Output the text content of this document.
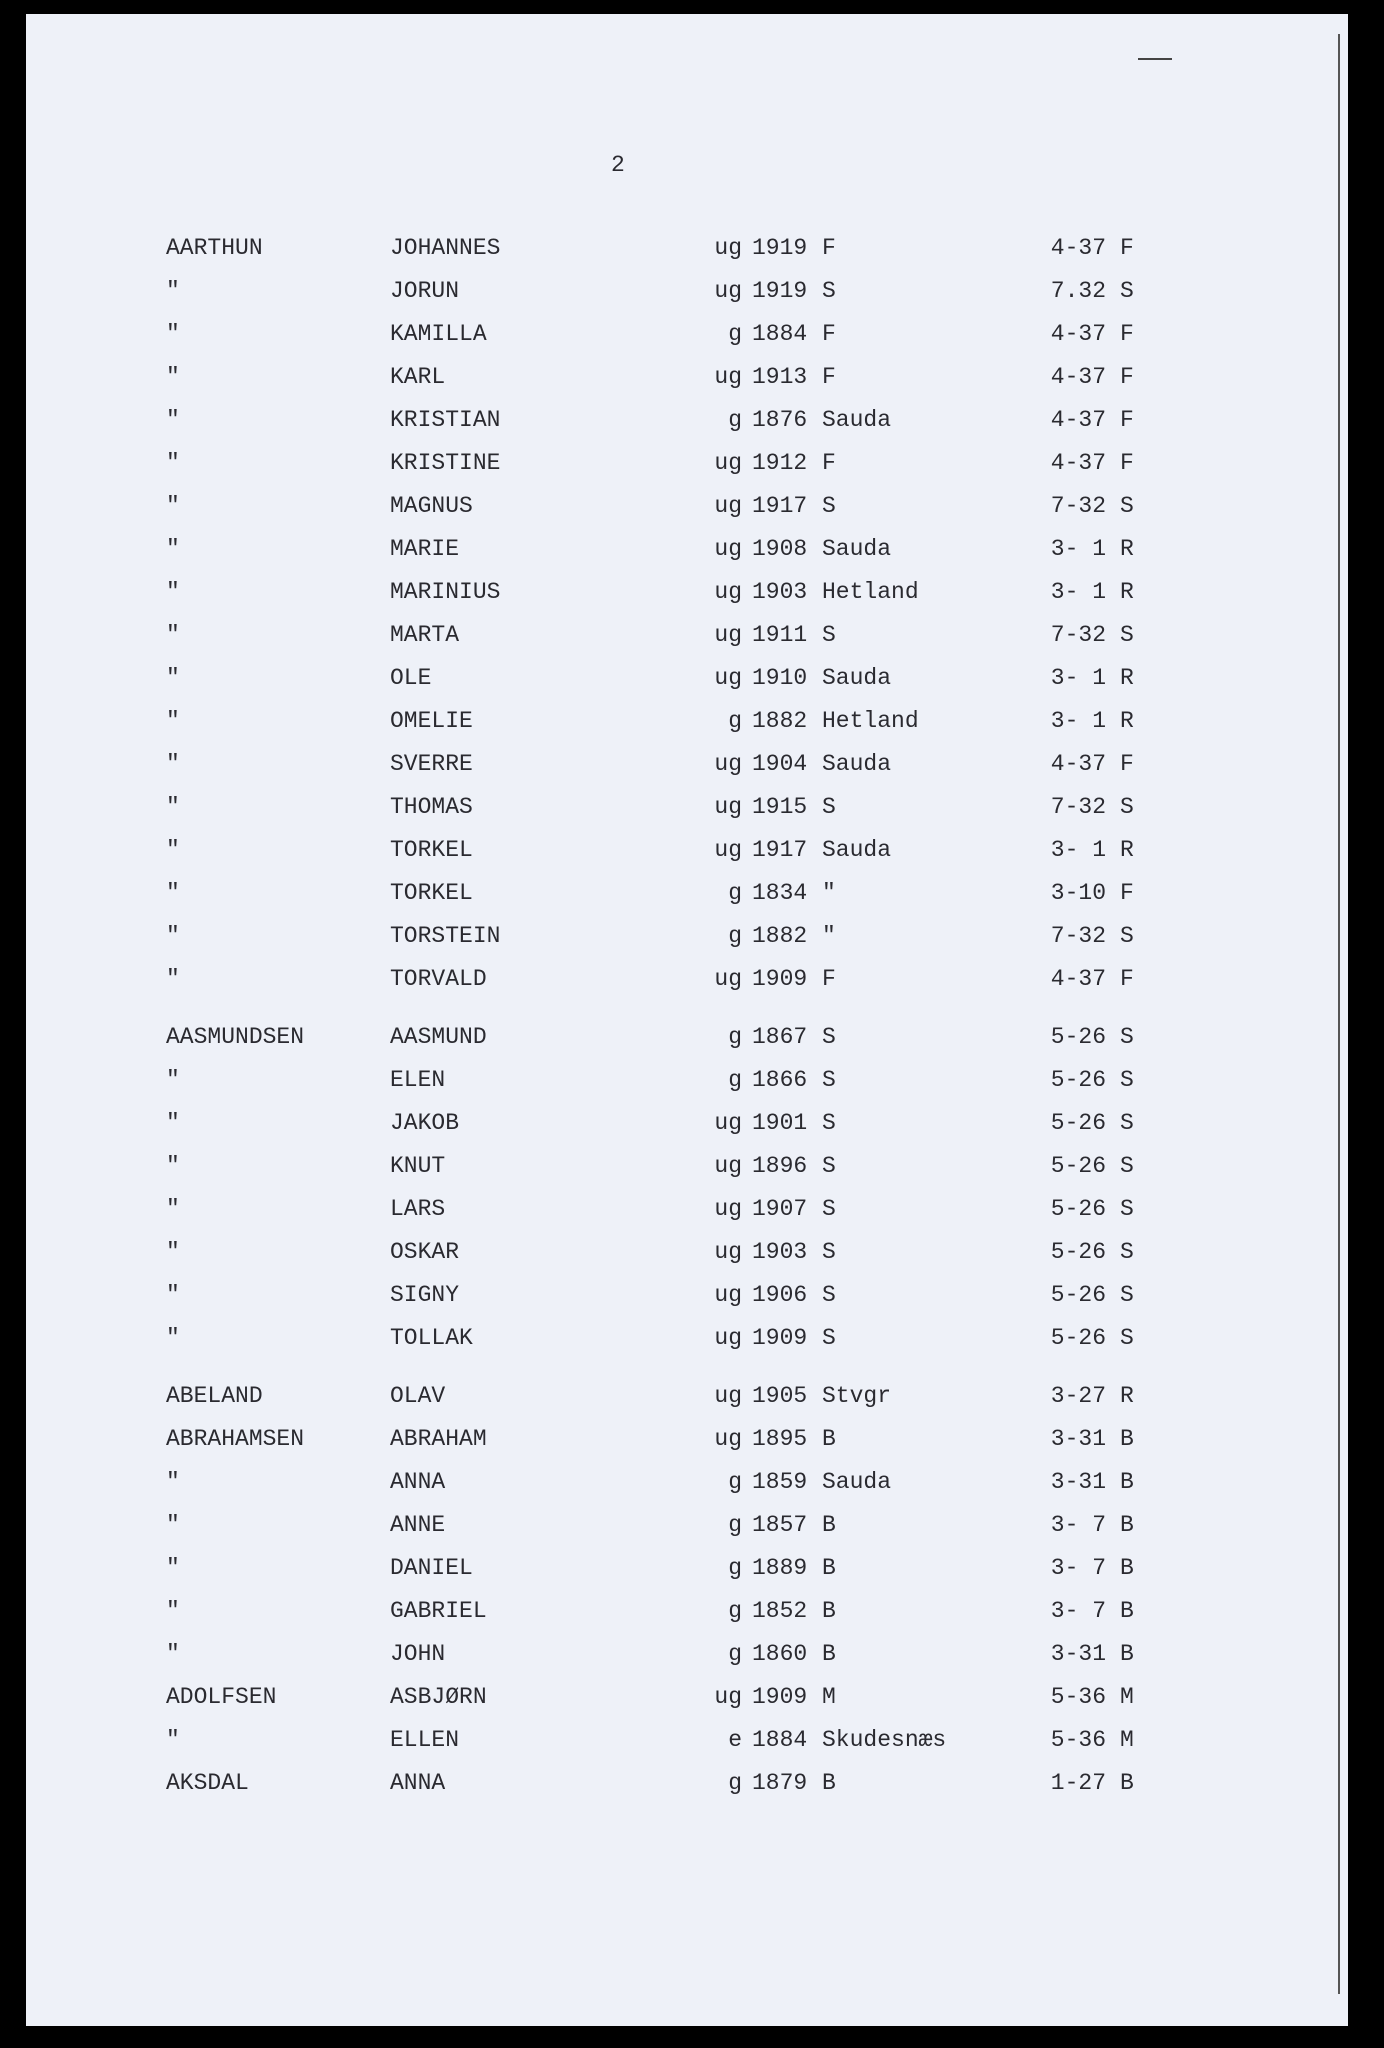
2
AARTHUN	JOHANNES	ug 1919 F	4-37 F
"	JORUN	ug 1919 S	7.32 S
"	KAMILLA	g 1884 F	4-37 F
"	KARL	ug 1913 F	4-37 F
"	KRISTIAN	g 1876 Sauda	4-37 F
"	KRISTINE	ug 1912 F	4-37 F
"	MAGNUS	ug 1917 S	7-32 S
"	MARIE	ug 1908 Sauda	3- 1 R
"	MARINIUS	ug 1903 Hetland	3- 1 R
"	MARTA	ug 1911 S	7-32 S
"	OLE	ug 1910 Sauda	3- 1 R
"	OMELIE	g 1882 Hetland	3- 1 R
"	SVERRE	ug 1904 Sauda	4-37 F
"	THOMAS	ug 1915 S	7-32 S
"	TORKEL	ug 1917 Sauda	3- 1 R
"	TORKEL	g 1834 "	3-10 F
"	TORSTEIN	g 1882 "	7-32 S
"	TORVALD	ug 1909 F	4-37 F
AASMUNDSEN	AASMUND	g 1867 S	5-26 S
"	ELEN	g 1866 S	5-26 S
"	JAKOB	ug 1901 S	5-26 S
"	KNUT	ug 1896 S	5-26 S
"	LARS	ug 1907 S	5-26 S
"	OSKAR	ug 1903 S	5-26 S
"	SIGNY	ug 1906 S	5-26 S
"	TOLLAK	ug 1909 S	5-26 S
ABELAND	OLAV	ug 1905 Stvgr	3-27 R
ABRAHAMSEN	ABRAHAM	ug 1895 B	3-31 B
"	ANNA	g 1859 Sauda	3-31 B
"	ANNE	g 1857 B	3- 7 B
"	DANIEL	g 1889 B	3- 7 B
"	GABRIEL	g 1852 B	3- 7 B
"	JOHN	g 1860 B	3-31 B
ADOLFSEN	ASBJØRN	ug 1909 M	5-36 M
"	ELLEN	e 1884 Skudesnæs	5-36 M
AKSDAL	ANNA	g 1879 B	1-27 B
